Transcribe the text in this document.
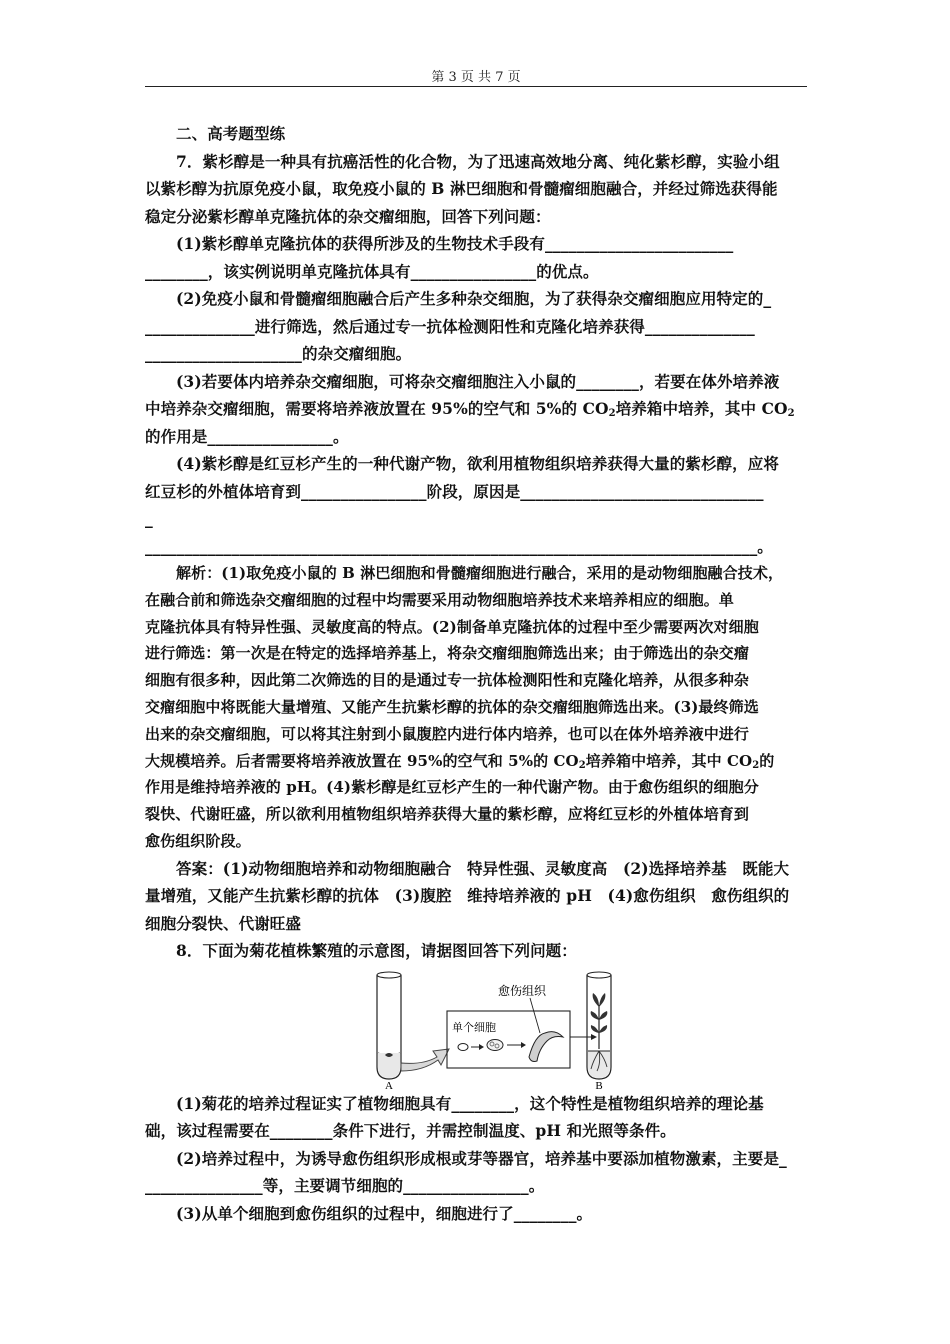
第 3 页 共 7 页
二、高考题型练
7．紫杉醇是一种具有抗癌活性的化合物，为了迅速高效地分离、纯化紫杉醇，实验小组
以紫杉醇为抗原免疫小鼠，取免疫小鼠的 B 淋巴细胞和骨髓瘤细胞融合，并经过筛选获得能
稳定分泌紫杉醇单克隆抗体的杂交瘤细胞，回答下列问题：
(1)紫杉醇单克隆抗体的获得所涉及的生物技术手段有________________________
________，该实例说明单克隆抗体具有________________的优点。
(2)免疫小鼠和骨髓瘤细胞融合后产生多种杂交细胞，为了获得杂交瘤细胞应用特定的_
______________进行筛选，然后通过专一抗体检测阳性和克隆化培养获得______________
____________________的杂交瘤细胞。
(3)若要体内培养杂交瘤细胞，可将杂交瘤细胞注入小鼠的________，若要在体外培养液
中培养杂交瘤细胞，需要将培养液放置在 95%的空气和 5%的 $CO_2$培养箱中培养，其中 $CO_2$
的作用是________________。
(4)紫杉醇是红豆杉产生的一种代谢产物，欲利用植物组织培养获得大量的紫杉醇，应将
红豆杉的外植体培育到________________阶段，原因是_______________________________
_
______________________________________________________________________________。
解析：(1)取免疫小鼠的 B 淋巴细胞和骨髓瘤细胞进行融合，采用的是动物细胞融合技术，
在融合前和筛选杂交瘤细胞的过程中均需要采用动物细胞培养技术来培养相应的细胞。单
克隆抗体具有特异性强、灵敏度高的特点。(2)制备单克隆抗体的过程中至少需要两次对细胞
进行筛选：第一次是在特定的选择培养基上，将杂交瘤细胞筛选出来；由于筛选出的杂交瘤
细胞有很多种，因此第二次筛选的目的是通过专一抗体检测阳性和克隆化培养，从很多种杂
交瘤细胞中将既能大量增殖、又能产生抗紫杉醇的抗体的杂交瘤细胞筛选出来。(3)最终筛选
出来的杂交瘤细胞，可以将其注射到小鼠腹腔内进行体内培养，也可以在体外培养液中进行
大规模培养。后者需要将培养液放置在 95%的空气和 5%的 $CO_2$培养箱中培养，其中 $CO_2$的
作用是维持培养液的 pH。(4)紫杉醇是红豆杉产生的一种代谢产物。由于愈伤组织的细胞分
裂快、代谢旺盛，所以欲利用植物组织培养获得大量的紫杉醇，应将红豆杉的外植体培育到
愈伤组织阶段。
答案：(1)动物细胞培养和动物细胞融合　特异性强、灵敏度高　(2)选择培养基　既能大
量增殖，又能产生抗紫杉醇的抗体　(3)腹腔　维持培养液的 pH　(4)愈伤组织　愈伤组织的
细胞分裂快、代谢旺盛
8．下面为菊花植株繁殖的示意图，请据图回答下列问题：
A
单个细胞
愈伤组织
B
(1)菊花的培养过程证实了植物细胞具有________，这个特性是植物组织培养的理论基
础，该过程需要在________条件下进行，并需控制温度、pH 和光照等条件。
(2)培养过程中，为诱导愈伤组织形成根或芽等器官，培养基中要添加植物激素，主要是_
_______________等，主要调节细胞的________________。
(3)从单个细胞到愈伤组织的过程中，细胞进行了________。
